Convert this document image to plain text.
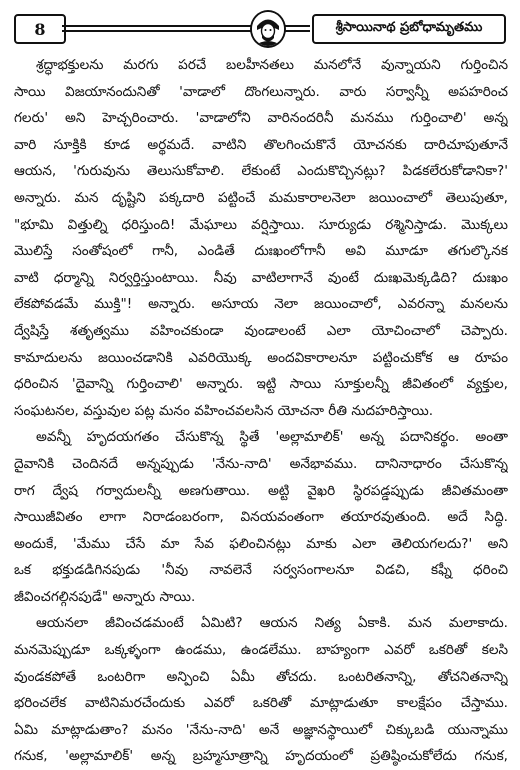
8	శ్రీసాయినాథ ప్రబోధామృతము

శ్రద్ధాభక్తులను మరగు పరచే బలహీనతలు మనలోనే వున్నాయని గుర్తించిన
సాయి విజయానందునితో 'వాడాలో దొంగలున్నారు. వారు సర్వాన్నీ అపహరించ
గలరు' అని హెచ్చరించారు. 'వాడాలోని వారినందరినీ మనము గుర్తించాలి' అన్న
వారి సూక్తికి కూడ అర్థమదే. వాటిని తొలగించుకొనే యోచనకు దారిచూపుతూనే
ఆయన, 'గురువును తెలుసుకోవాలి. లేకుంటే ఎందుకొచ్చినట్లు? పిడకలేరుకోడానికా?'
అన్నారు. మన దృష్టిని పక్కదారి పట్టించే మమకారాలనెలా జయించాలో తెలుపుతూ,
"భూమి విత్తుల్ని ధరిస్తుంది! మేఘాలు వర్షిస్తాయి. సూర్యుడు రశ్మినిస్తాడు. మొక్కలు
మొలిస్తే సంతోషంలో గానీ, ఎండితే దుఃఖంలోగానీ అవి మూడూ తగుల్కొనక
వాటి ధర్మాన్ని నిర్వర్తిస్తుంటాయి. నీవు వాటిలాగానే వుంటే దుఃఖమెక్కడిది? దుఃఖం
లేకపోవడమే ముక్తి"! అన్నారు. అసూయ నెలా జయించాలో, ఎవరన్నా మనలను
ద్వేషిస్తే శతృత్వము వహించకుండా వుండాలంటే ఎలా యోచించాలో చెప్పారు.
కామాదులను జయించడానికి ఎవరియొక్క అందవికారాలనూ పట్టించుకోక ఆ రూపం
ధరించిన 'దైవాన్ని గుర్తించాలి' అన్నారు. ఇట్టి సాయి సూక్తులన్నీ జీవితంలో వ్యక్తుల,
సంఘటనల, వస్తువుల పట్ల మనం వహించవలసిన యోచనా రీతి నుదహరిస్తాయి.

అవన్నీ హృదయగతం చేసుకొన్న స్థితే 'అల్లామాలిక్' అన్న పదానికర్థం. అంతా
దైవానికి చెందినదే అన్నప్పుడు 'నేను-నాది' అనేభావము. దానినాధారం చేసుకొన్న
రాగ ద్వేష గర్వాదులన్నీ అణగుతాయి. అట్టి వైఖరి స్థిరపడ్డప్పుడు జీవితమంతా
సాయిజీవితం లాగా నిరాడంబరంగా, వినయవంతంగా తయారవుతుంది. అదే సిద్ధి.
అందుకే, 'మేము చేసే మా సేవ ఫలించినట్లు మాకు ఎలా తెలియగలదు?' అని
ఒక భక్తుడడిగినపుడు 'నీవు నావలెనే సర్వసంగాలనూ విడచి, కఫ్నీ ధరించి
జీవించగల్గినపుడే" అన్నారు సాయి.

ఆయనలా జీవించడమంటే ఏమిటి? ఆయన నిత్య ఏకాకి. మన మలాకాదు.
మనమెప్పుడూ ఒక్కళ్ళంగా ఉండము, ఉండలేము. బాహ్యంగా ఎవరో ఒకరితో కలసి
వుండకపోతే ఒంటరిగా అన్పించి ఏమీ తోచదు. ఒంటరితనాన్ని, తోచనితనాన్ని
భరించలేక వాటినిమరచేందుకు ఎవరో ఒకరితో మాట్లాడుతూ కాలక్షేపం చేస్తాము.
ఏమి మాట్లాడుతాం? మనం 'నేను-నాది' అనే అజ్ఞానస్థాయిలో చిక్కుబడి యున్నాము
గనుక, 'అల్లామాలిక్' అన్న బ్రహ్మసూత్రాన్ని హృదయంలో ప్రతిష్ఠించుకోలేదు గనుక,
